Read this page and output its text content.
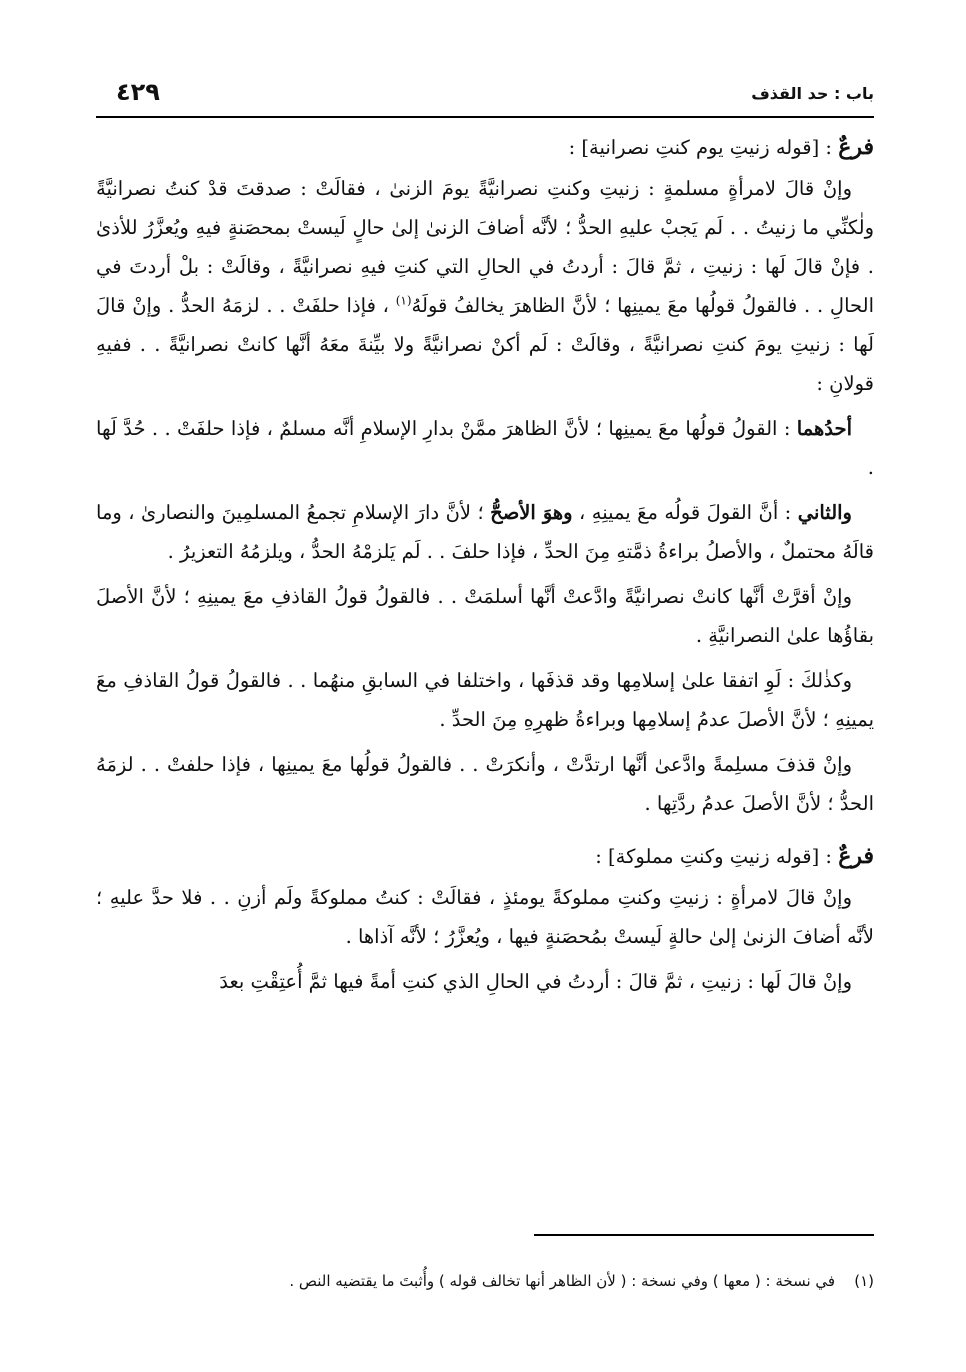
باب : حد القذف
٤٢٩

فرعٌ : [قوله زنيتِ يوم كنتِ نصرانية] :

وإنْ قالَ لامرأةٍ مسلمةٍ : زنيتِ وكنتِ نصرانيَّةً يومَ الزنىٰ ، فقالَتْ : صدقتَ قدْ كنتُ نصرانيَّةً ولٰكنِّي ما زنيتُ . . لَم يَجبْ عليهِ الحدُّ ؛ لأنَّه أضافَ الزنىٰ إلىٰ حالٍ لَيستْ بمحصَنةٍ فيهِ ويُعزَّرُ للأذىٰ . فإنْ قالَ لَها : زنيتِ ، ثمَّ قالَ : أردتُ في الحالِ التي كنتِ فيهِ نصرانيَّةً ، وقالَتْ : بلْ أردتَ في الحالِ . . فالقولُ قولُها معَ يمينِها ؛ لأنَّ الظاهرَ يخالفُ قولَهُ$^{(١)}$ ، فإذا حلفَتْ . . لزمَهُ الحدُّ . وإنْ قالَ لَها : زنيتِ يومَ كنتِ نصرانيَّةً ، وقالَتْ : لَم أكنْ نصرانيَّةً ولا بيِّنةَ معَهُ أنَّها كانتْ نصرانيَّةً . . ففيهِ قولانِ :

أحدُهما : القولُ قولُها معَ يمينِها ؛ لأنَّ الظاهرَ ممَّنْ بدارِ الإسلامِ أنَّه مسلمٌ ، فإذا حلفَتْ . . حُدَّ لَها .

والثاني : أنَّ القولَ قولُه معَ يمينِهِ ، وهوَ الأصحُّ ؛ لأنَّ دارَ الإسلامِ تجمعُ المسلمِينَ والنصارىٰ ، وما قالَهُ محتملٌ ، والأصلُ براءةُ ذمَّتهِ مِنَ الحدِّ ، فإذا حلفَ . . لَم يَلزمْهُ الحدُّ ، ويلزمُهُ التعزيرُ .

وإنْ أقرَّتْ أنَّها كانتْ نصرانيَّةً وادَّعتْ أنَّها أسلمَتْ . . فالقولُ قولُ القاذفِ معَ يمينِهِ ؛ لأنَّ الأصلَ بقاؤُها علىٰ النصرانيَّةِ .

وكذٰلكَ : لَوِ اتفقا علىٰ إسلامِها وقد قذفَها ، واختلفا في السابقِ منهُما . . فالقولُ قولُ القاذفِ معَ يمينِهِ ؛ لأنَّ الأصلَ عدمُ إسلامِها وبراءةُ ظهرِهِ مِنَ الحدِّ .

وإنْ قذفَ مسلِمةً وادَّعىٰ أنَّها ارتدَّتْ ، وأنكرَتْ . . فالقولُ قولُها معَ يمينِها ، فإذا حلفتْ . . لزمَهُ الحدُّ ؛ لأنَّ الأصلَ عدمُ ردَّتِها .

فرعٌ : [قوله زنيتِ وكنتِ مملوكة] :

وإنْ قالَ لامرأةٍ : زنيتِ وكنتِ مملوكةً يومئذٍ ، فقالَتْ : كنتُ مملوكةً ولَم أزنِ . . فلا حدَّ عليهِ ؛ لأنَّه أضافَ الزنىٰ إلىٰ حالةٍ لَيستْ بمُحصَنةٍ فيها ، ويُعزَّرُ ؛ لأنَّه آذاها .

وإنْ قالَ لَها : زنيتِ ، ثمَّ قالَ : أردتُ في الحالِ الذي كنتِ أمةً فيها ثمَّ أُعتِقْتِ بعدَ

(١)    في نسخة : ( معها ) وفي نسخة : ( لأن الظاهر أنها تخالف قوله ) وأُثبتَ ما يقتضيه النص .
